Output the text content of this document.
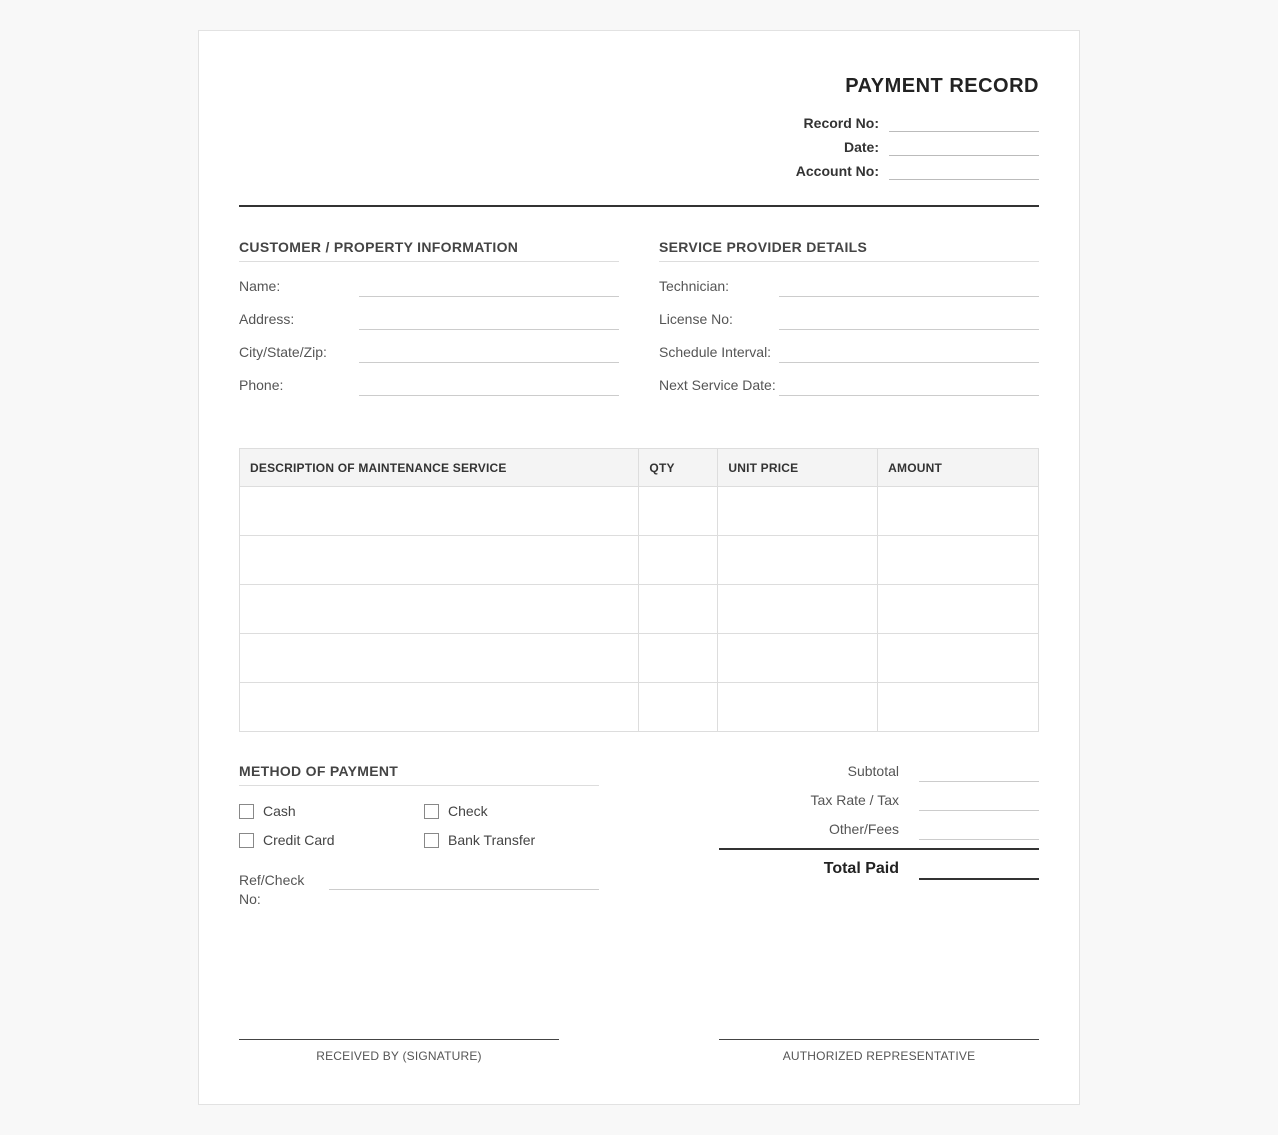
PAYMENT RECORD
Record No:
Date:
Account No:
CUSTOMER / PROPERTY INFORMATION
Name:
Address:
City/State/Zip:
Phone:
SERVICE PROVIDER DETAILS
Technician:
License No:
Schedule Interval:
Next Service Date:
DESCRIPTION OF MAINTENANCE SERVICE	QTY	UNIT PRICE	AMOUNT

METHOD OF PAYMENT
Cash	Check
Credit Card	Bank Transfer
Ref/Check No:
Subtotal
Tax Rate / Tax
Other/Fees
Total Paid
RECEIVED BY (SIGNATURE)	AUTHORIZED REPRESENTATIVE
